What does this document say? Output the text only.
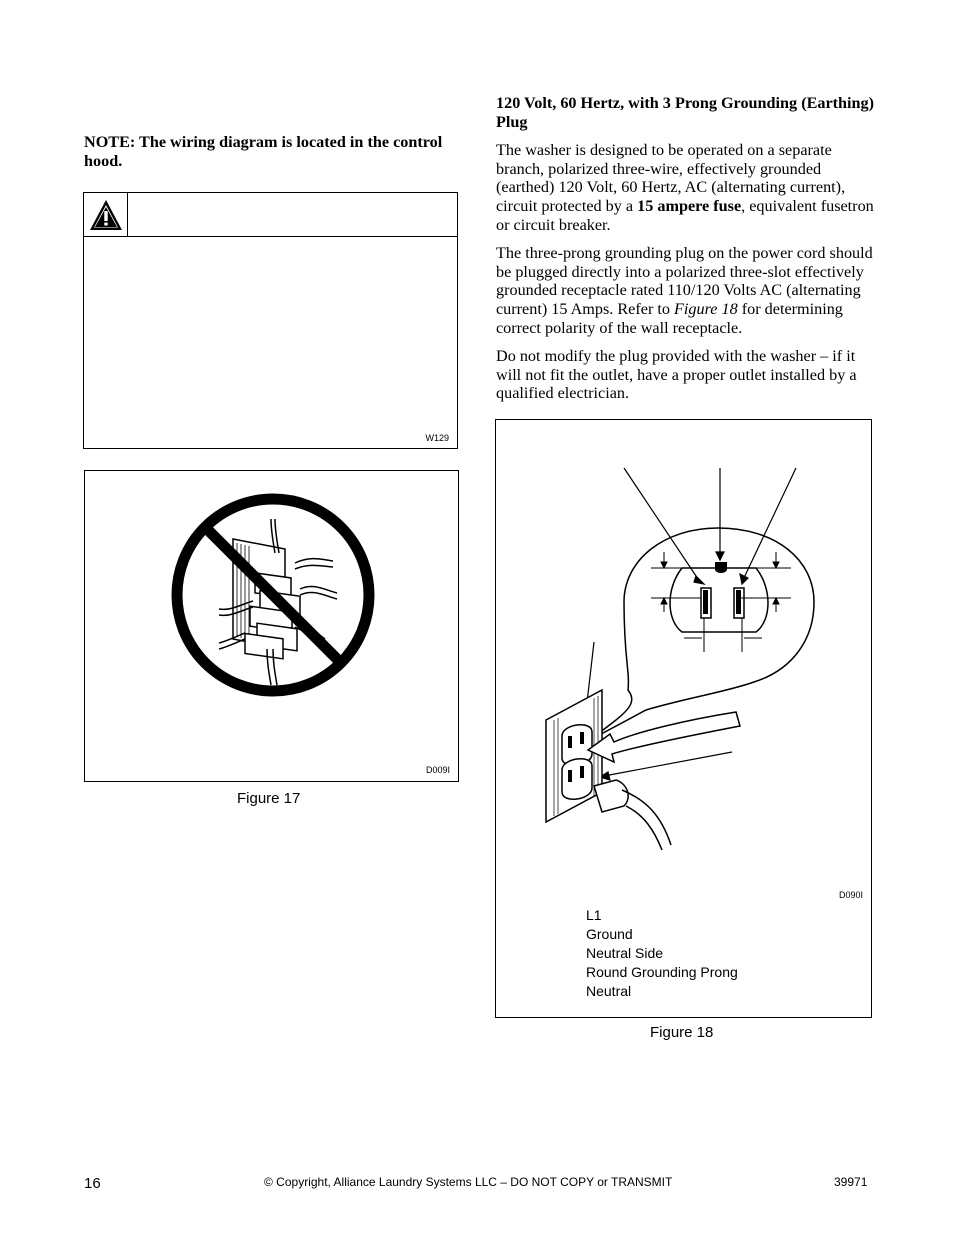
NOTE: The wiring diagram is located in the control hood.
W129
D009I
Figure 17
120 Volt, 60 Hertz, with 3 Prong Grounding (Earthing) Plug

The washer is designed to be operated on a separate branch, polarized three-wire, effectively grounded (earthed) 120 Volt, 60 Hertz, AC (alternating current), circuit protected by a 15 ampere fuse, equivalent fusetron or circuit breaker.

The three-prong grounding plug on the power cord should be plugged directly into a polarized three-slot effectively grounded receptacle rated 110/120 Volts AC (alternating current) 15 Amps. Refer to Figure 18 for determining correct polarity of the wall receptacle.

Do not modify the plug provided with the washer – if it will not fit the outlet, have a proper outlet installed by a qualified electrician.

D090I
L1
Ground
Neutral Side
Round Grounding Prong
Neutral
Figure 18
16	© Copyright, Alliance Laundry Systems LLC – DO NOT COPY or TRANSMIT	39971
